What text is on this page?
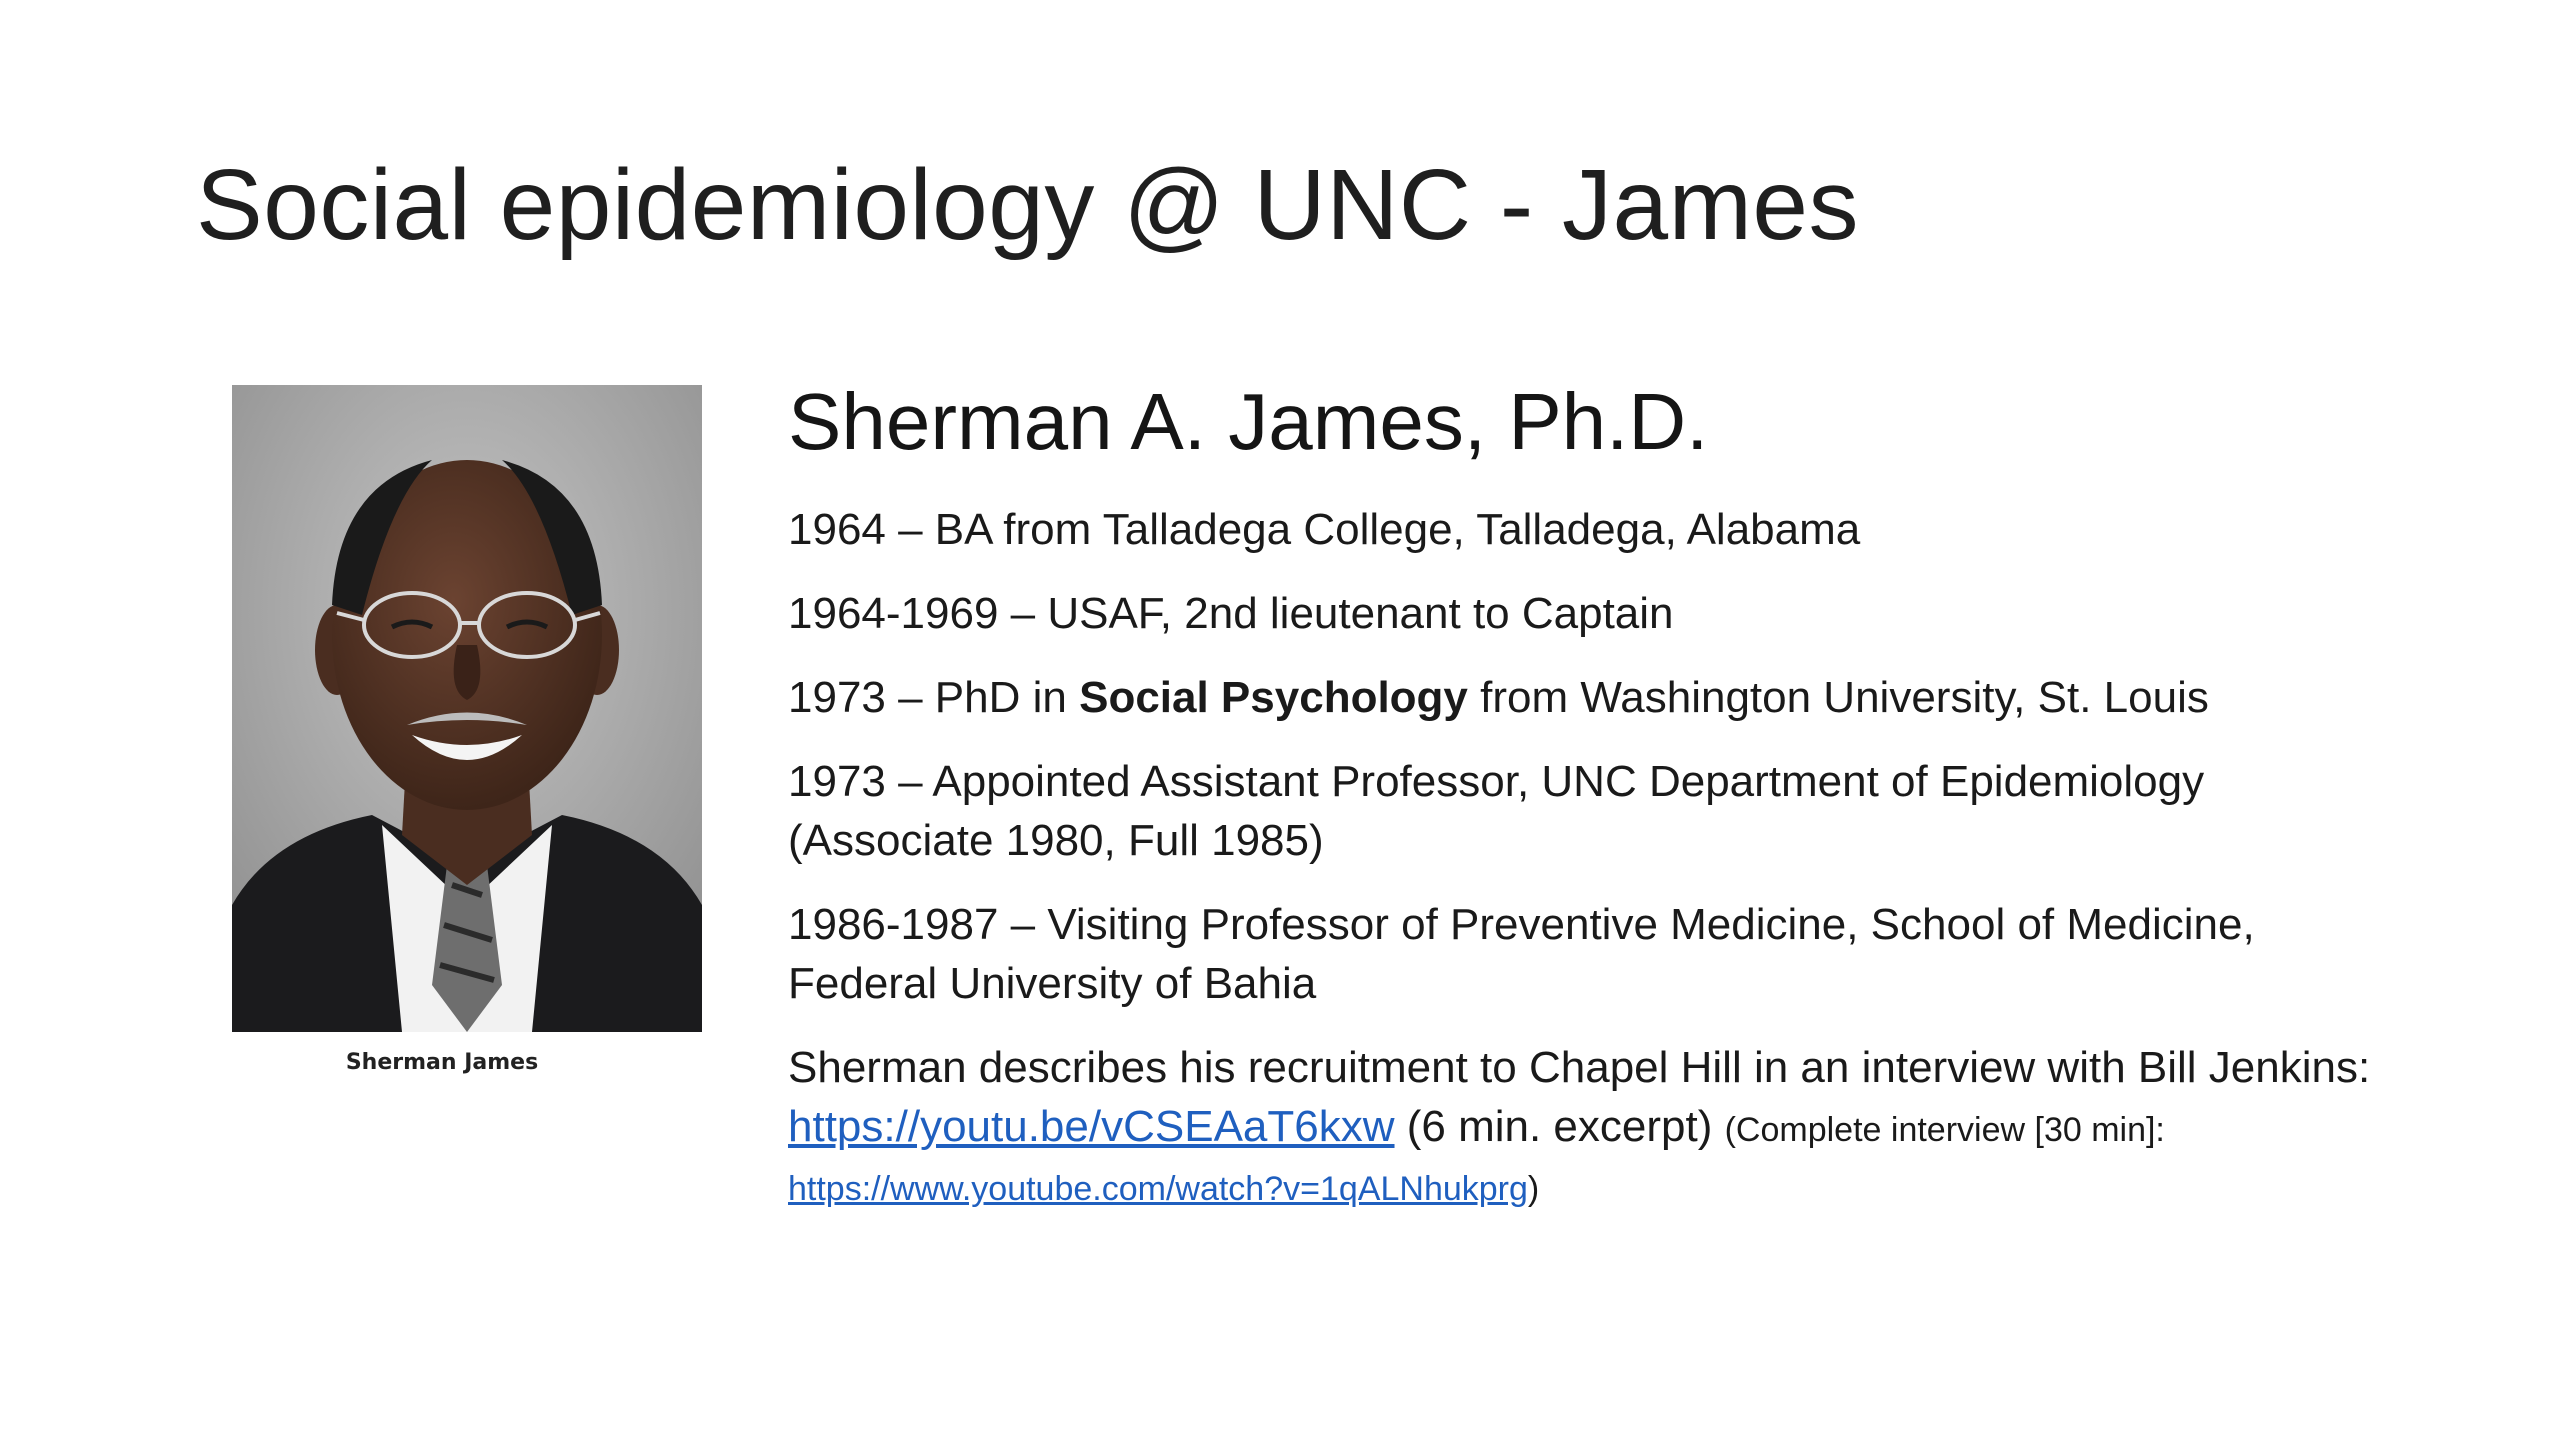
Social epidemiology @ UNC - James
Sherman James
Sherman A. James, Ph.D.
1964 – BA from Talladega College, Talladega, Alabama
1964-1969 – USAF, 2nd lieutenant to Captain
1973 – PhD in Social Psychology from Washington University, St. Louis
1973 – Appointed Assistant Professor, UNC Department of Epidemiology (Associate 1980, Full 1985)
1986-1987 – Visiting Professor of Preventive Medicine, School of Medicine, Federal University of Bahia

Sherman describes his recruitment to Chapel Hill in an interview with Bill Jenkins: https://youtu.be/vCSEAaT6kxw (6 min. excerpt) (Complete interview [30 min]: https://www.youtube.com/watch?v=1qALNhukprg)
